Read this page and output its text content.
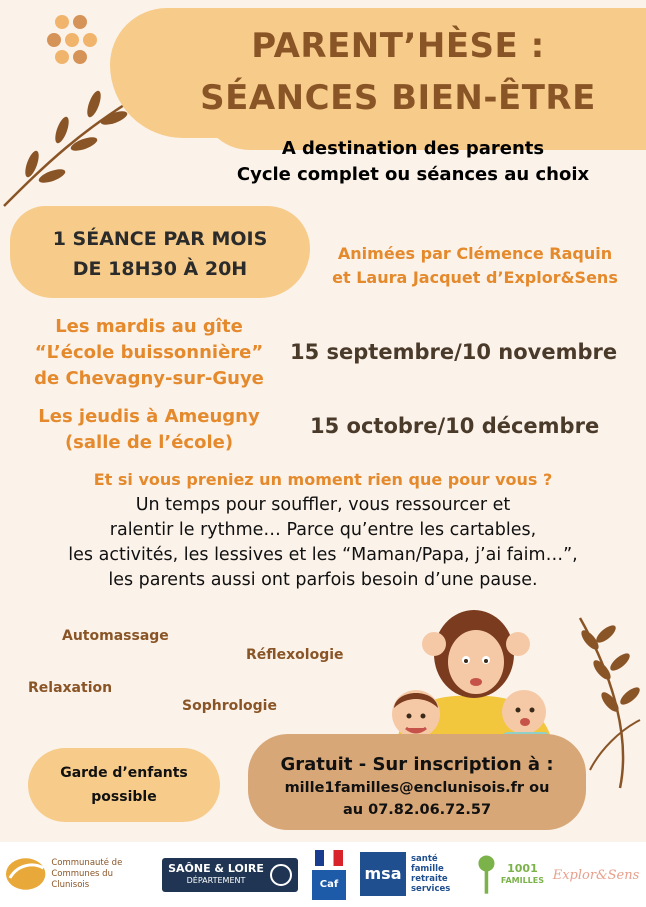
PARENT’HÈSE :
SÉANCES BIEN-ÊTRE
A destination des parents
Cycle complet ou séances au choix
1 SÉANCE PAR MOIS
DE 18H30 À 20H
Animées par Clémence Raquin
et Laura Jacquet d’Explor&Sens
Les mardis au gîte
“L’école buissonnière”
de Chevagny-sur-Guye
15 septembre/10 novembre
Les jeudis à Ameugny
(salle de l’école)
15 octobre/10 décembre
Et si vous preniez un moment rien que pour vous ?
Un temps pour souffler, vous ressourcer et
ralentir le rythme… Parce qu’entre les cartables,
les activités, les lessives et les “Maman/Papa, j’ai faim…”,
les parents aussi ont parfois besoin d’une pause.
Automassage
Réflexologie
Relaxation
Sophrologie
Garde d’enfants
possible
Gratuit - Sur inscription à :
mille1familles@enclunisois.fr ou
au 07.82.06.72.57
Communauté de
Communes du Clunisois
SAÔNE & LOIRE
DÉPARTEMENT	Caf
msa
santé
famille
retraite
services
1001
FAMILLES Explor&Sens
